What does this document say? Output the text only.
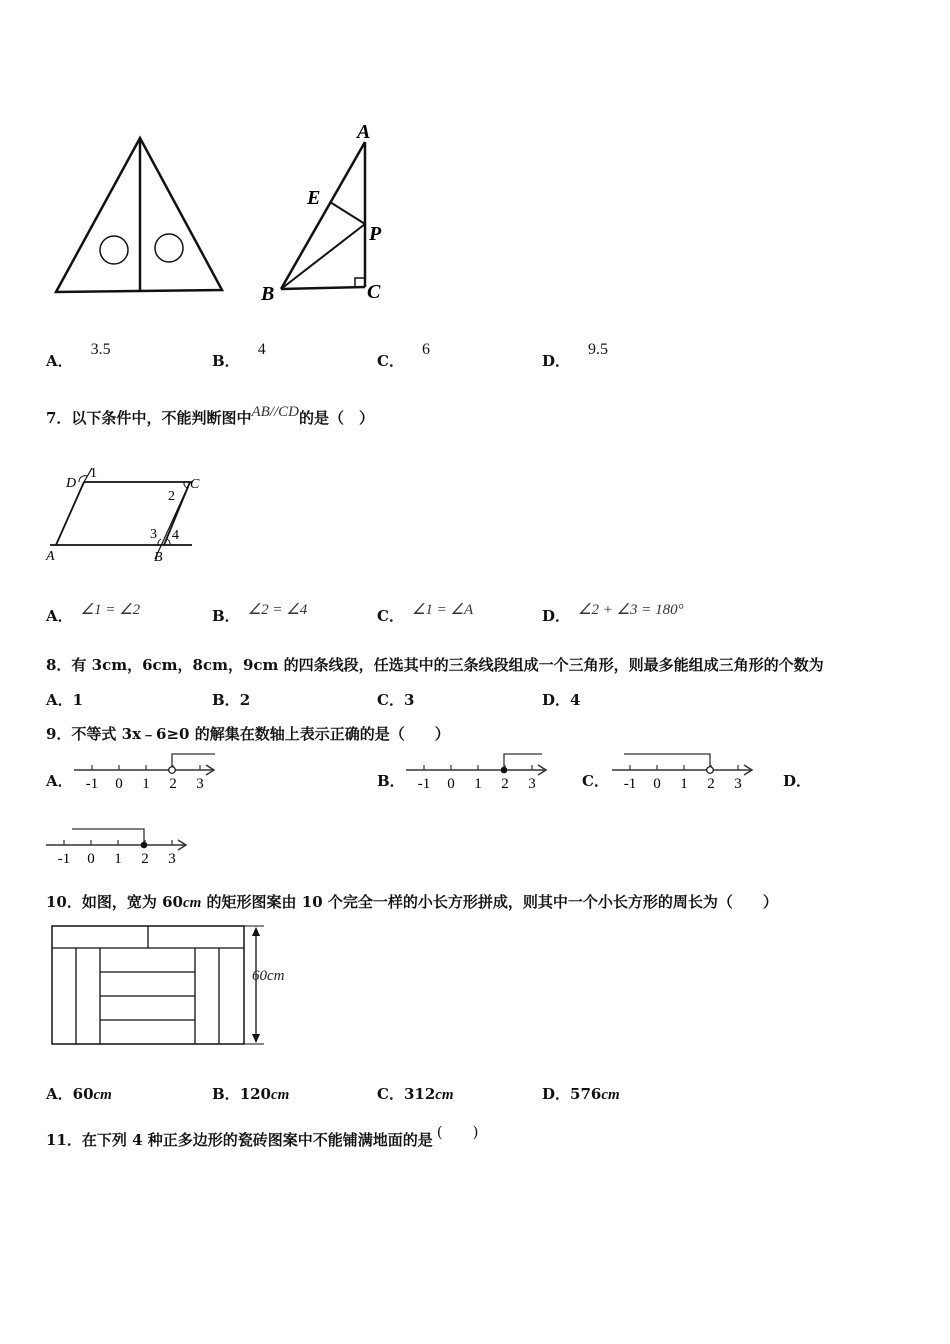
A
E
P
B	C
A．3.5
B．4
C．6
D．9.5
7．以下条件中，不能判断图中AB//CD的是（　）
D
1
C
2
3 4
A	B
A． ∠1 = ∠2	B． ∠2 = ∠4	C． ∠1 = ∠A	D． ∠2 + ∠3 = 180°
8．有 3cm，6cm，8cm，9cm 的四条线段，任选其中的三条线段组成一个三角形，则最多能组成三角形的个数为
A．1	B．2	C．3	D．4
9．不等式 3x﹣6≥0 的解集在数轴上表示正确的是（　　）
A．	B．	C．	D．
-1 0 1 2 3	-1 0 1 2 3	-1 0 1 2 3
-1 0 1 2 3
10．如图，宽为 60cm 的矩形图案由 10 个完全一样的小长方形拼成，则其中一个小长方形的周长为（　　）
60cm
A．60cm	B．120cm	C．312cm	D．576cm
11．在下列 4 种正多边形的瓷砖图案中不能铺满地面的是 (　　)
